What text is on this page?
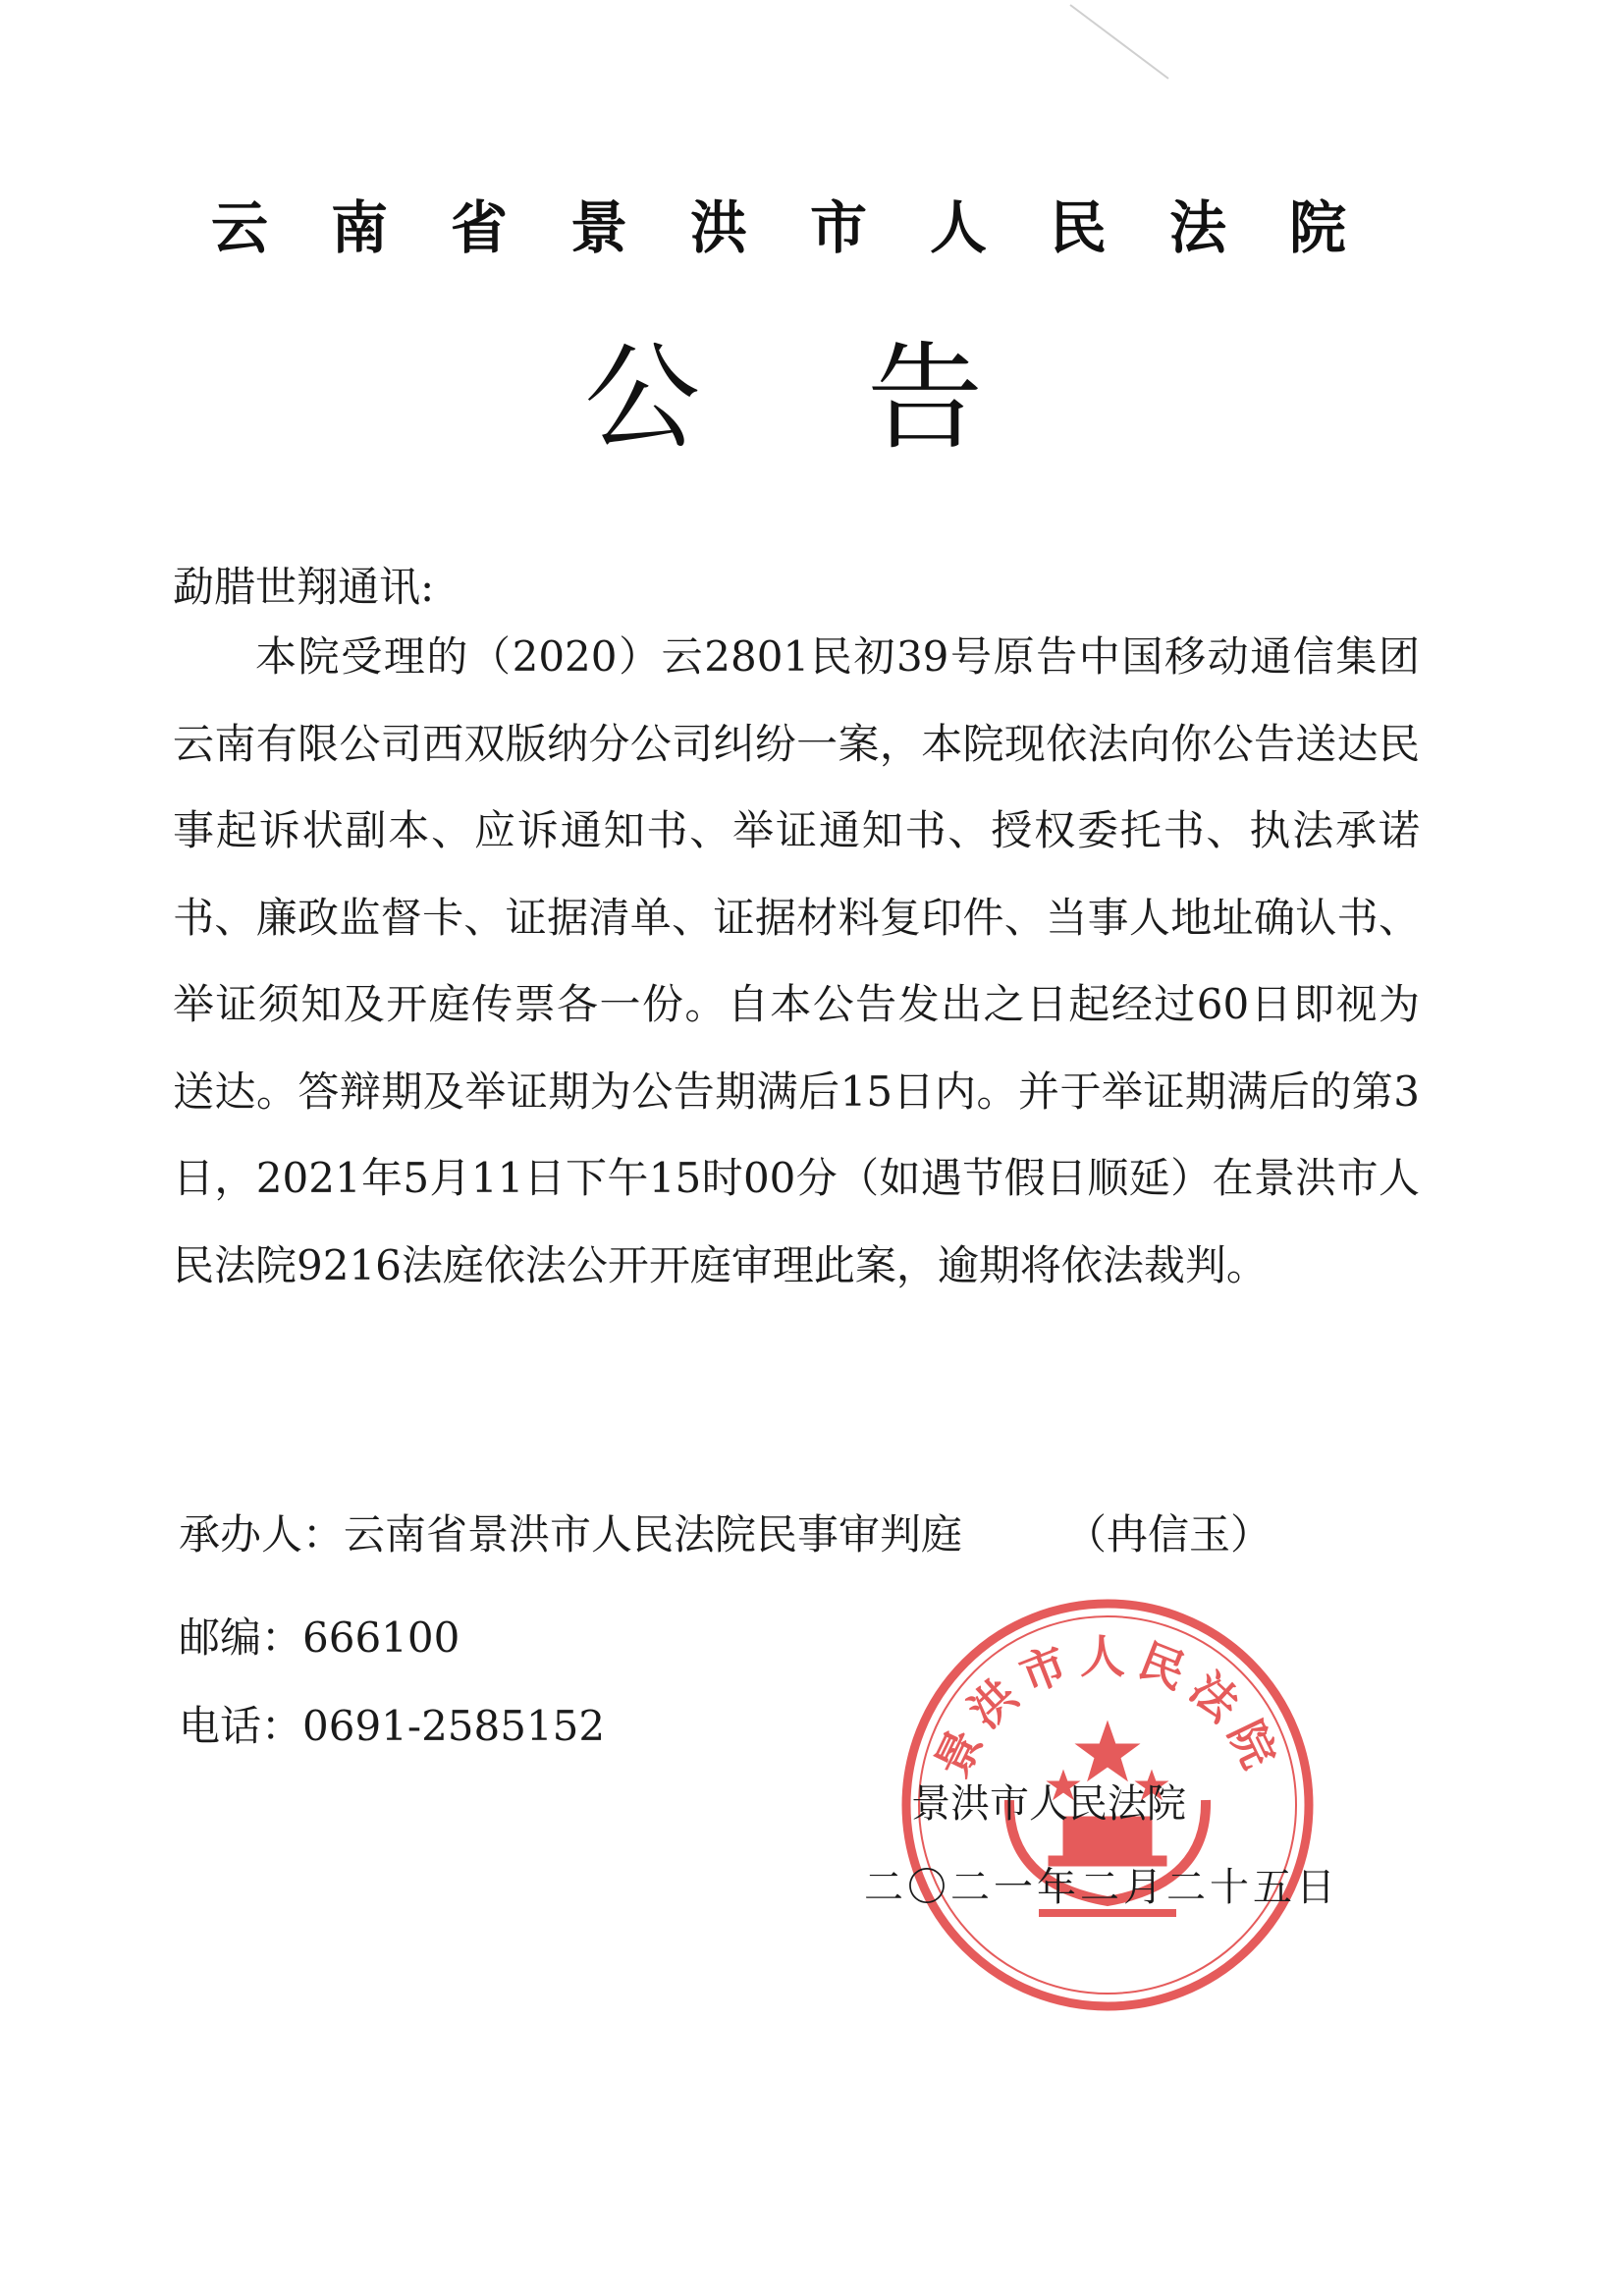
云南省景洪市人民法院
公告
勐腊世翔通讯:
本院受理的（2020）云2801民初39号原告中国移动通信集团云南有限公司西双版纳分公司纠纷一案，本院现依法向你公告送达民事起诉状副本、应诉通知书、举证通知书、授权委托书、执法承诺书、廉政监督卡、证据清单、证据材料复印件、当事人地址确认书、举证须知及开庭传票各一份。自本公告发出之日起经过60日即视为送达。答辩期及举证期为公告期满后15日内。并于举证期满后的第3日，2021年5月11日下午15时00分（如遇节假日顺延）在景洪市人民法院9216法庭依法公开开庭审理此案，逾期将依法裁判。
承办人：云南省景洪市人民法院民事审判庭 （冉信玉）
邮编：666100
电话：0691-2585152	景洪市人民法院
景洪市人民法院
二〇二一年二月二十五日
